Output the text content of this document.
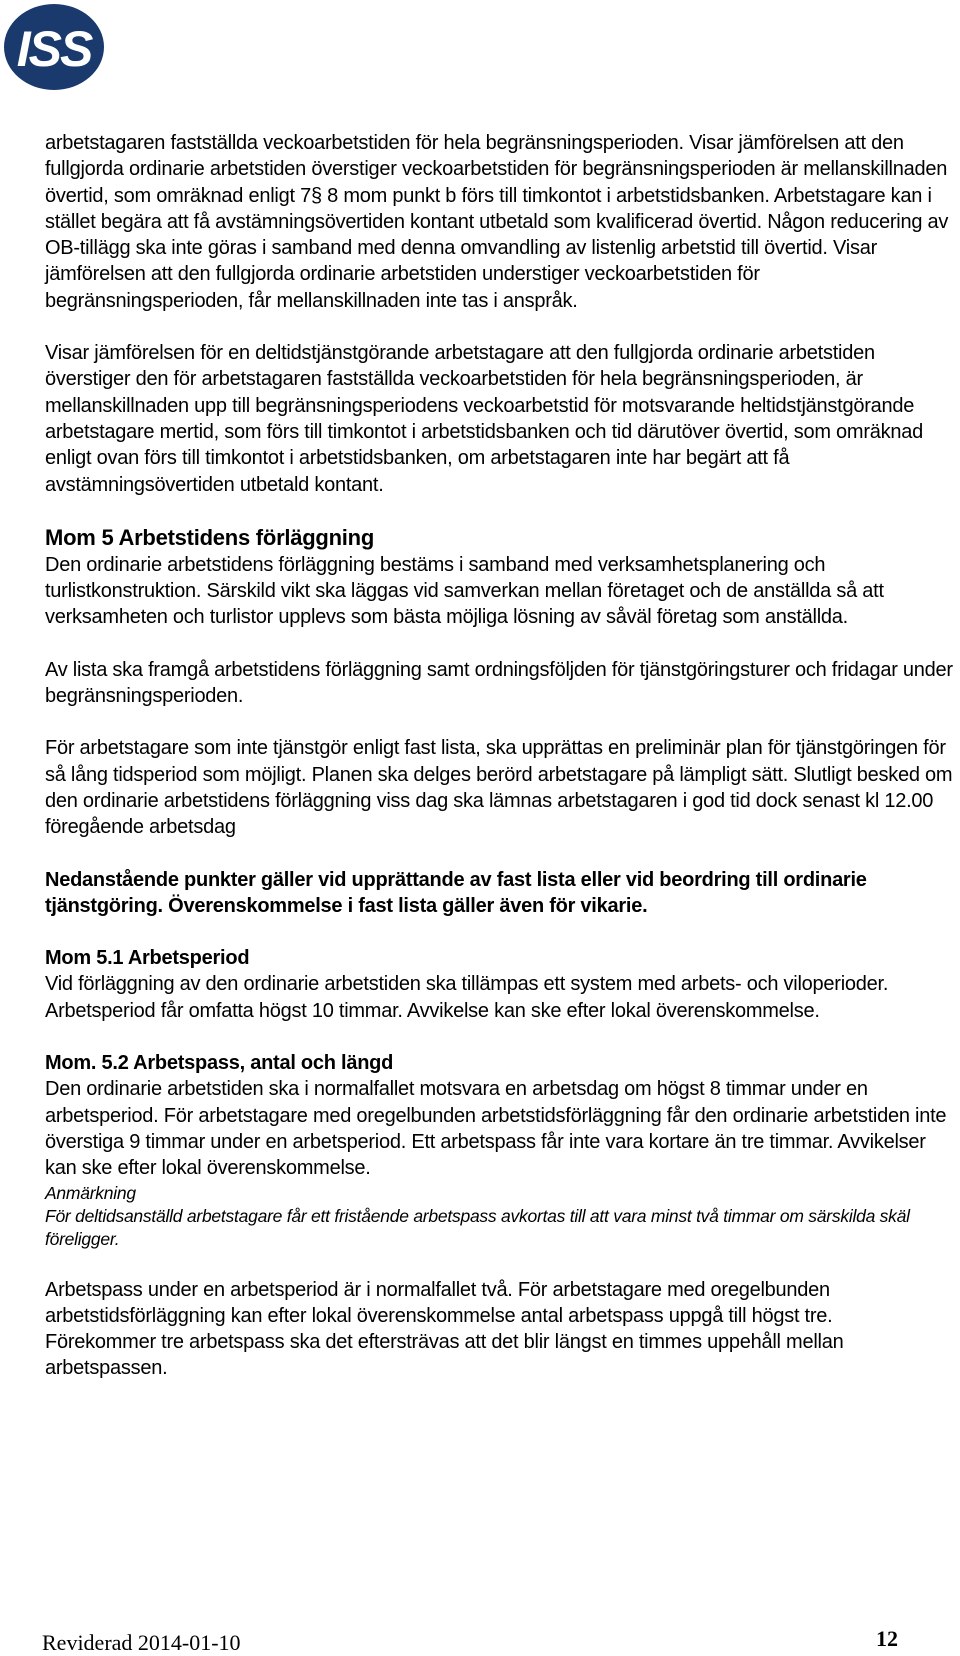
ISS

arbetstagaren fastställda veckoarbetstiden för hela begränsningsperioden. Visar jämförelsen att den fullgjorda ordinarie arbetstiden överstiger veckoarbetstiden för begränsningsperioden är mellanskillnaden övertid, som omräknad enligt 7§ 8 mom punkt b förs till timkontot i arbetstidsbanken. Arbetstagare kan i stället begära att få avstämningsövertiden kontant utbetald som kvalificerad övertid. Någon reducering av OB-tillägg ska inte göras i samband med denna omvandling av listenlig arbetstid till övertid. Visar jämförelsen att den fullgjorda ordinarie arbetstiden understiger veckoarbetstiden för begränsningsperioden, får mellanskillnaden inte tas i anspråk.

Visar jämförelsen för en deltidstjänstgörande arbetstagare att den fullgjorda ordinarie arbetstiden överstiger den för arbetstagaren fastställda veckoarbetstiden för hela begränsningsperioden, är mellanskillnaden upp till begränsningsperiodens veckoarbetstid för motsvarande heltidstjänstgörande arbetstagare mertid, som förs till timkontot i arbetstidsbanken och tid därutöver övertid, som omräknad enligt ovan förs till timkontot i arbetstidsbanken, om arbetstagaren inte har begärt att få avstämningsövertiden utbetald kontant.

Mom 5 Arbetstidens förläggning

Den ordinarie arbetstidens förläggning bestäms i samband med verksamhetsplanering och turlistkonstruktion. Särskild vikt ska läggas vid samverkan mellan företaget och de anställda så att verksamheten och turlistor upplevs som bästa möjliga lösning av såväl företag som anställda.

Av lista ska framgå arbetstidens förläggning samt ordningsföljden för tjänstgöringsturer och fridagar under begränsningsperioden.

För arbetstagare som inte tjänstgör enligt fast lista, ska upprättas en preliminär plan för tjänstgöringen för så lång tidsperiod som möjligt. Planen ska delges berörd arbetstagare på lämpligt sätt. Slutligt besked om den ordinarie arbetstidens förläggning viss dag ska lämnas arbetstagaren i god tid dock senast kl 12.00 föregående arbetsdag

Nedanstående punkter gäller vid upprättande av fast lista eller vid beordring till ordinarie tjänstgöring. Överenskommelse i fast lista gäller även för vikarie.

Mom 5.1 Arbetsperiod

Vid förläggning av den ordinarie arbetstiden ska tillämpas ett system med arbets- och viloperioder.

Arbetsperiod får omfatta högst 10 timmar. Avvikelse kan ske efter lokal överenskommelse.

Mom. 5.2 Arbetspass, antal och längd

Den ordinarie arbetstiden ska i normalfallet motsvara en arbetsdag om högst 8 timmar under en arbetsperiod. För arbetstagare med oregelbunden arbetstidsförläggning får den ordinarie arbetstiden inte överstiga 9 timmar under en arbetsperiod. Ett arbetspass får inte vara kortare än tre timmar. Avvikelser kan ske efter lokal överenskommelse.

Anmärkning

För deltidsanställd arbetstagare får ett fristående arbetspass avkortas till att vara minst två timmar om särskilda skäl föreligger.

Arbetspass under en arbetsperiod är i normalfallet två. För arbetstagare med oregelbunden arbetstidsförläggning kan efter lokal överenskommelse antal arbetspass uppgå till högst tre.

Förekommer tre arbetspass ska det eftersträvas att det blir längst en timmes uppehåll mellan arbetspassen.

Reviderad 2014-01-10	12
